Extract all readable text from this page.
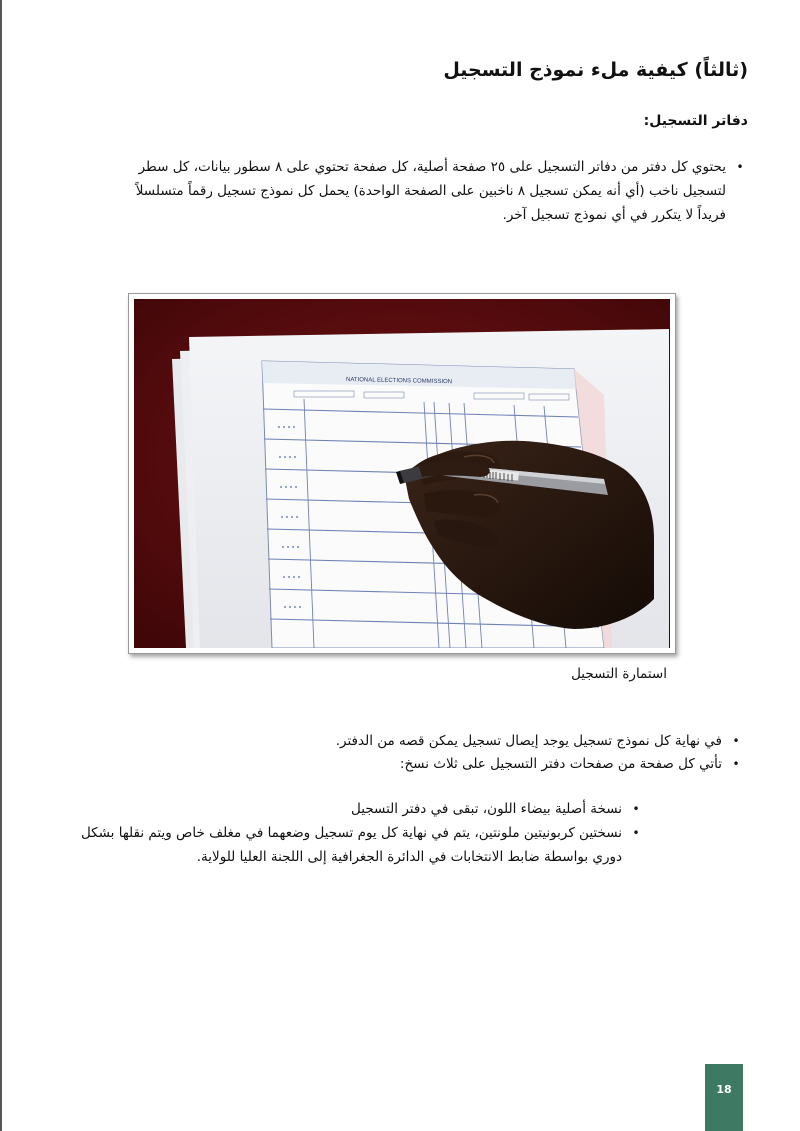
(ثالثاً) كيفية ملء نموذج التسجيل
دفاتر التسجيل:
•
يحتوي كل دفتر من دفاتر التسجيل على ٢٥ صفحة أصلية، كل صفحة تحتوي على ٨ سطور بيانات، كل سطر لتسجيل ناخب (أي أنه يمكن تسجيل ٨ ناخبين على الصفحة الواحدة) يحمل كل نموذج تسجيل رقماً متسلسلاً فريداً لا يتكرر في أي نموذج تسجيل آخر.
NATIONAL ELECTIONS COMMISSION
استمارة التسجيل
•
في نهاية كل نموذج تسجيل يوجد إيصال تسجيل يمكن قصه من الدفتر.
•
تأتي كل صفحة من صفحات دفتر التسجيل على ثلاث نسخ:
•
نسخة أصلية بيضاء اللون، تبقى في دفتر التسجيل
•
نسختين كربونيتين ملونتين، يتم في نهاية كل يوم تسجيل وضعهما في مغلف خاص ويتم نقلها بشكل دوري بواسطة ضابط الانتخابات في الدائرة الجغرافية إلى اللجنة العليا للولاية.
18
